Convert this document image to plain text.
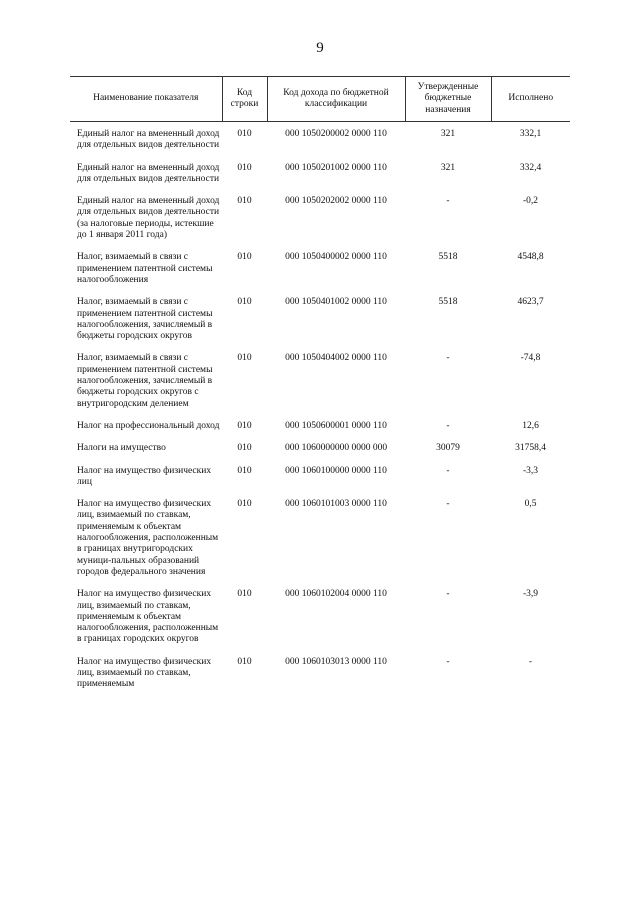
9
Наименование показателя	Код строки	Код дохода по бюджетной классификации	Утвержденные бюджетные назначения	Исполнено
Единый налог на вмененный доход для отдельных видов деятельности	010	000 1050200002 0000 110	321	332,1
Единый налог на вмененный доход для отдельных видов деятельности	010	000 1050201002 0000 110	321	332,4
Единый налог на вмененный доход для отдельных видов деятельности (за налоговые периоды, истекшие до 1 января 2011 года)	010	000 1050202002 0000 110	-	-0,2
Налог, взимаемый в связи с применением патентной системы налогообложения	010	000 1050400002 0000 110	5518	4548,8
Налог, взимаемый в связи с применением патентной системы налогообложения, зачисляемый в бюджеты городских округов	010	000 1050401002 0000 110	5518	4623,7
Налог, взимаемый в связи с применением патентной системы налогообложения, зачисляемый в бюджеты городских округов с внутригородским делением	010	000 1050404002 0000 110	-	-74,8
Налог на профессиональный доход	010	000 1050600001 0000 110	-	12,6
Налоги на имущество	010	000 1060000000 0000 000	30079	31758,4
Налог на имущество физических лиц	010	000 1060100000 0000 110	-	-3,3
Налог на имущество физических лиц, взимаемый по ставкам, применяемым к объектам налогообложения, расположенным в границах внутригородских муници-пальных образований городов федерального значения	010	000 1060101003 0000 110	-	0,5
Налог на имущество физических лиц, взимаемый по ставкам, применяемым к объектам налогообложения, расположенным в границах городских округов	010	000 1060102004 0000 110	-	-3,9
Налог на имущество физических лиц, взимаемый по ставкам, применяемым	010	000 1060103013 0000 110	-	-
